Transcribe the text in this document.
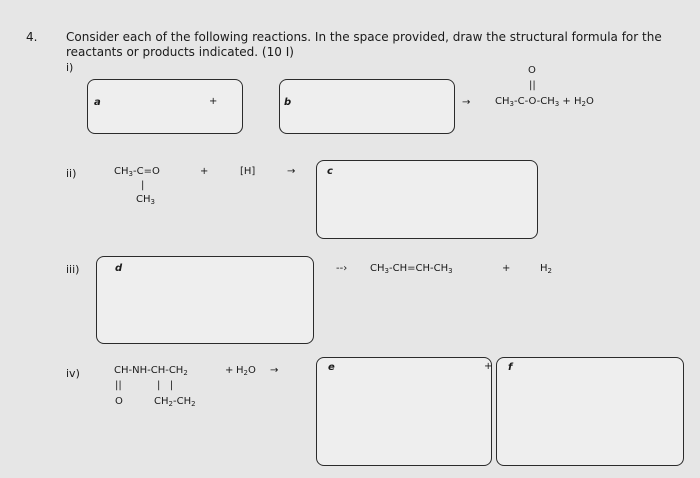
4. Consider each of the following reactions. In the space provided, draw the structural formula for the
reactants or products indicated. (10 I)
i)
a	+	b	→
O
||
$CH_3-C-O-CH_3 + H_2O$
ii)	$CH_3-C=O$
|
$CH_3$
+	[H]	→	c
iii)	d	--› $CH_3-CH=CH-CH_3$	+	$H_2$
iv)	$CH-NH-CH-CH_2$	+ $H_2O$ →
||	|   |
O	$CH_2-CH_2$
e	+ f
